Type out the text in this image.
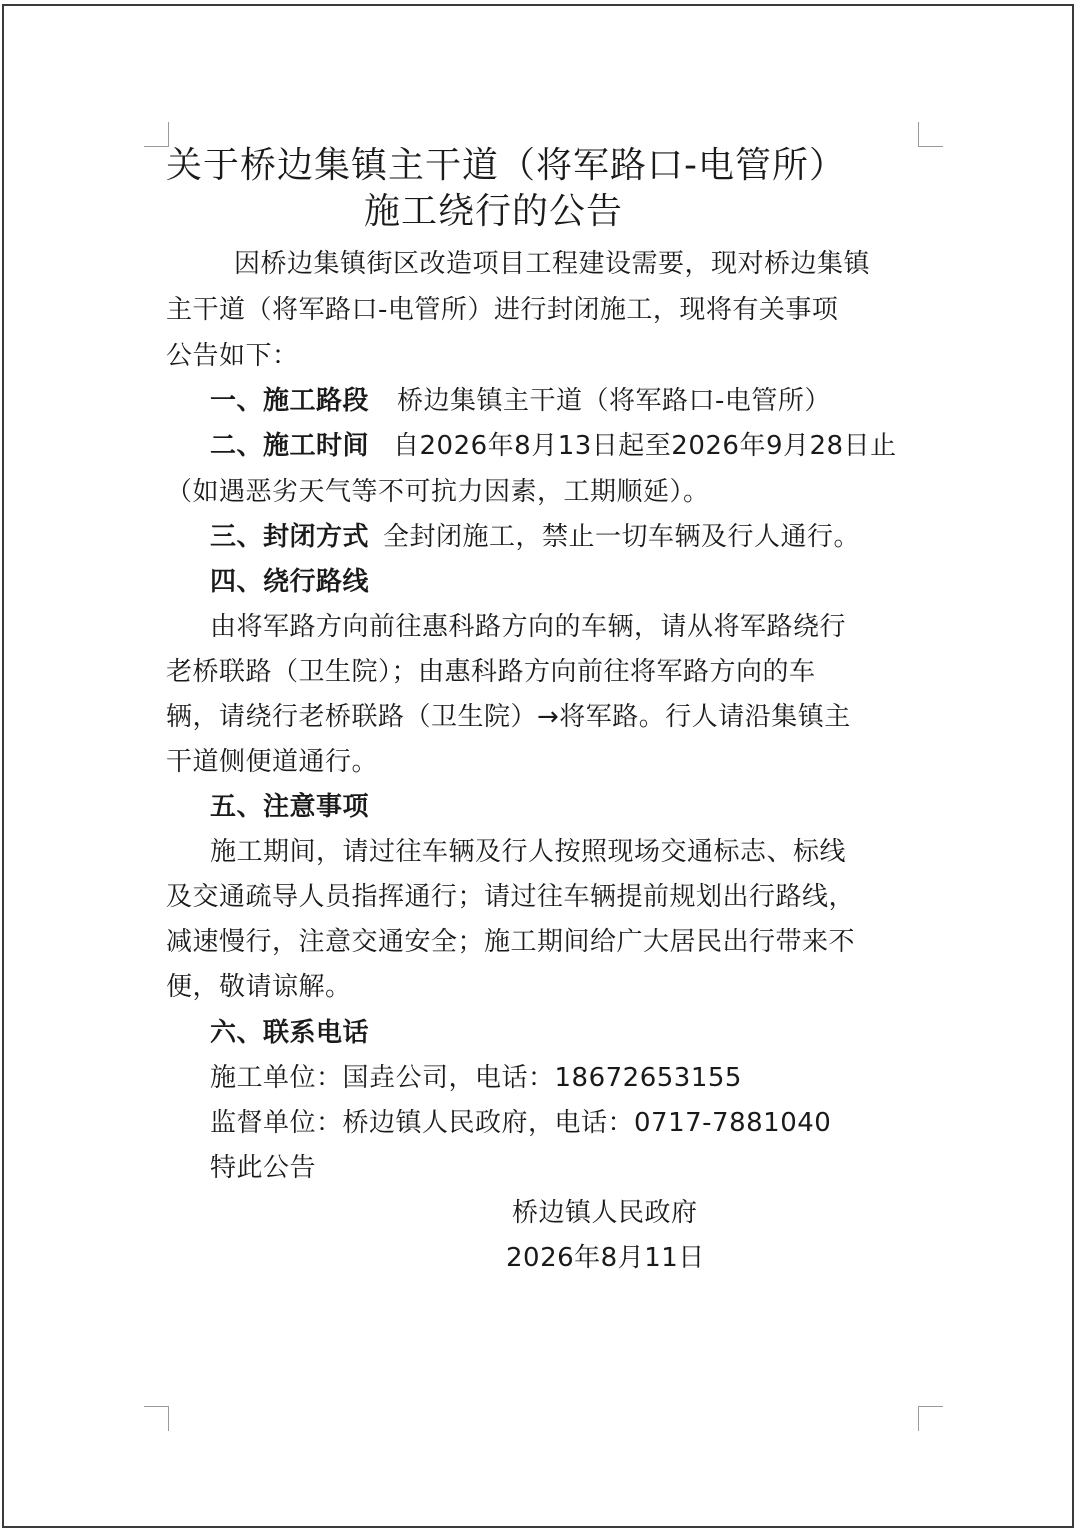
关于桥边集镇主干道（将军路口-电管所）
施工绕行的公告
因桥边集镇街区改造项目工程建设需要，现对桥边集镇
主干道（将军路口-电管所）进行封闭施工，现将有关事项
公告如下：
一、施工路段 桥边集镇主干道（将军路口-电管所）
二、施工时间 自2026年8月13日起至2026年9月28日止
（如遇恶劣天气等不可抗力因素，工期顺延）。
三、封闭方式 全封闭施工，禁止一切车辆及行人通行。
四、绕行路线
由将军路方向前往惠科路方向的车辆，请从将军路绕行
老桥联路（卫生院）；由惠科路方向前往将军路方向的车
辆，请绕行老桥联路（卫生院）→将军路。行人请沿集镇主
干道侧便道通行。
五、注意事项
施工期间，请过往车辆及行人按照现场交通标志、标线
及交通疏导人员指挥通行；请过往车辆提前规划出行路线，
减速慢行，注意交通安全；施工期间给广大居民出行带来不
便，敬请谅解。
六、联系电话
施工单位：国垚公司，电话：18672653155
监督单位：桥边镇人民政府，电话：0717-7881040
特此公告
桥边镇人民政府
2026年8月11日
